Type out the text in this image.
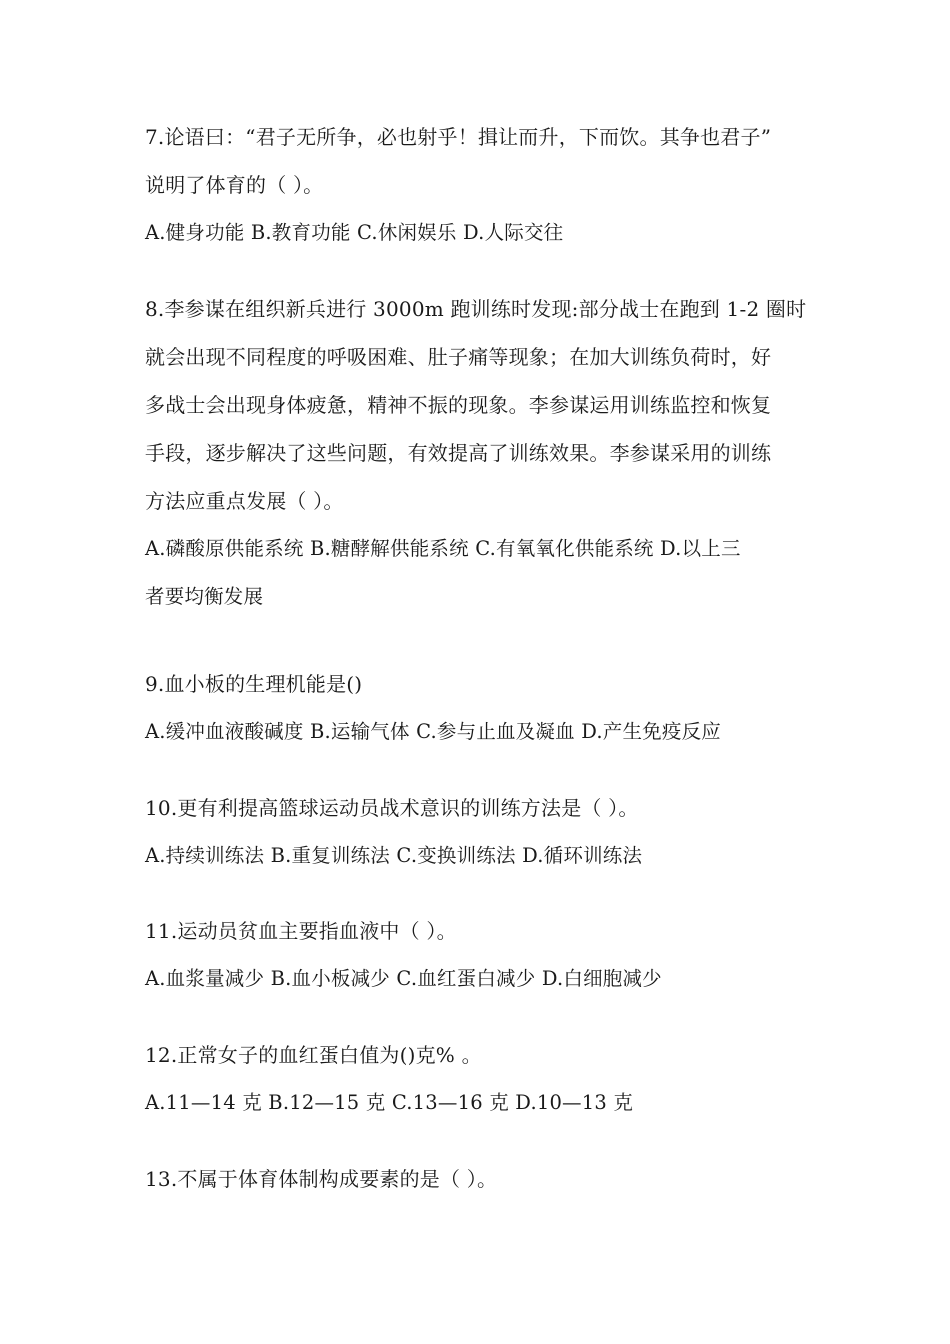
7.论语曰：“君子无所争，必也射乎！揖让而升，下而饮。其争也君子”
说明了体育的（ ）。
A.健身功能 B.教育功能 C.休闲娱乐 D.人际交往
8.李参谋在组织新兵进行 3000m 跑训练时发现:部分战士在跑到 1-2 圈时
就会出现不同程度的呼吸困难、肚子痛等现象；在加大训练负荷时，好
多战士会出现身体疲惫，精神不振的现象。李参谋运用训练监控和恢复
手段，逐步解决了这些问题，有效提高了训练效果。李参谋采用的训练
方法应重点发展（ ）。
A.磷酸原供能系统 B.糖酵解供能系统 C.有氧氧化供能系统 D.以上三
者要均衡发展
9.血小板的生理机能是()
A.缓冲血液酸碱度 B.运输气体 C.参与止血及凝血 D.产生免疫反应
10.更有利提高篮球运动员战术意识的训练方法是（ ）。
A.持续训练法 B.重复训练法 C.变换训练法 D.循环训练法
11.运动员贫血主要指血液中（ ）。
A.血浆量减少 B.血小板减少 C.血红蛋白减少 D.白细胞减少
12.正常女子的血红蛋白值为()克% 。
A.11—14 克 B.12—15 克 C.13—16 克 D.10—13 克
13.不属于体育体制构成要素的是（ ）。
